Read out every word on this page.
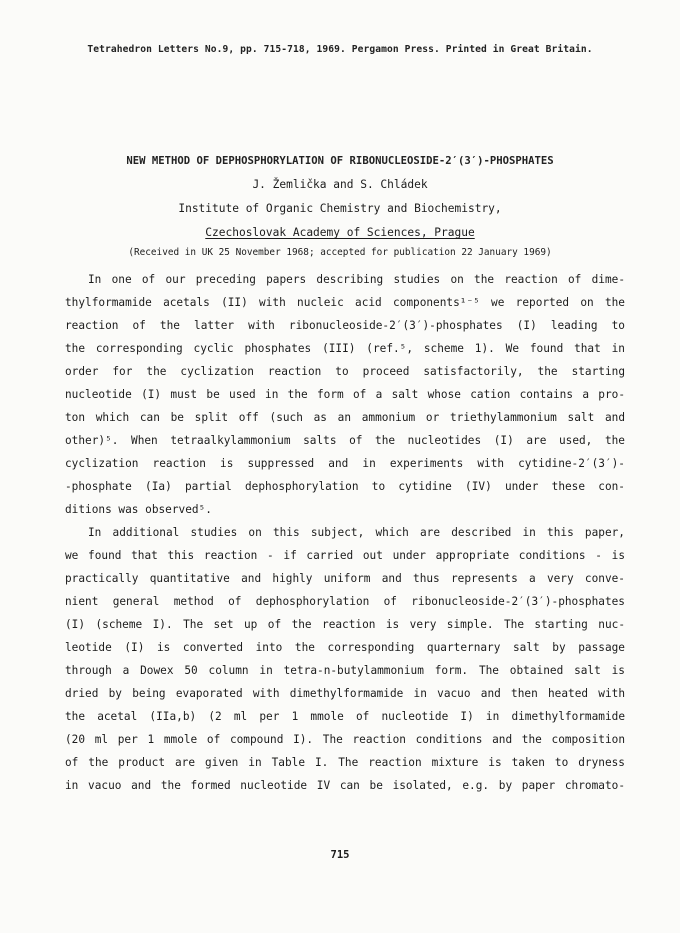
Tetrahedron Letters No.9, pp. 715-718, 1969. Pergamon Press. Printed in Great Britain.
NEW METHOD OF DEPHOSPHORYLATION OF RIBONUCLEOSIDE-2′(3′)-PHOSPHATES
J. Žemlička and S. Chládek
Institute of Organic Chemistry and Biochemistry,
Czechoslovak Academy of Sciences, Prague
(Received in UK 25 November 1968; accepted for publication 22 January 1969)
In one of our preceding papers describing studies on the reaction of dime-
thylformamide acetals (II) with nucleic acid components¹⁻⁵ we reported on the
reaction of the latter with ribonucleoside-2′(3′)-phosphates (I) leading to
the corresponding cyclic phosphates (III) (ref.⁵, scheme 1). We found that in
order for the cyclization reaction to proceed satisfactorily, the starting
nucleotide (I) must be used in the form of a salt whose cation contains a pro-
ton which can be split off (such as an ammonium or triethylammonium salt and
other)⁵. When tetraalkylammonium salts of the nucleotides (I) are used, the
cyclization reaction is suppressed and in experiments with cytidine-2′(3′)-
-phosphate (Ia) partial dephosphorylation to cytidine (IV) under these con-
ditions was observed⁵.
In additional studies on this subject, which are described in this paper,
we found that this reaction - if carried out under appropriate conditions - is
practically quantitative and highly uniform and thus represents a very conve-
nient general method of dephosphorylation of ribonucleoside-2′(3′)-phosphates
(I) (scheme I). The set up of the reaction is very simple. The starting nuc-
leotide (I) is converted into the corresponding quarternary salt by passage
through a Dowex 50 column in tetra-n-butylammonium form. The obtained salt is
dried by being evaporated with dimethylformamide in vacuo and then heated with
the acetal (IIa,b) (2 ml per 1 mmole of nucleotide I) in dimethylformamide
(20 ml per 1 mmole of compound I). The reaction conditions and the composition
of the product are given in Table I. The reaction mixture is taken to dryness
in vacuo and the formed nucleotide IV can be isolated, e.g. by paper chromato-
715
